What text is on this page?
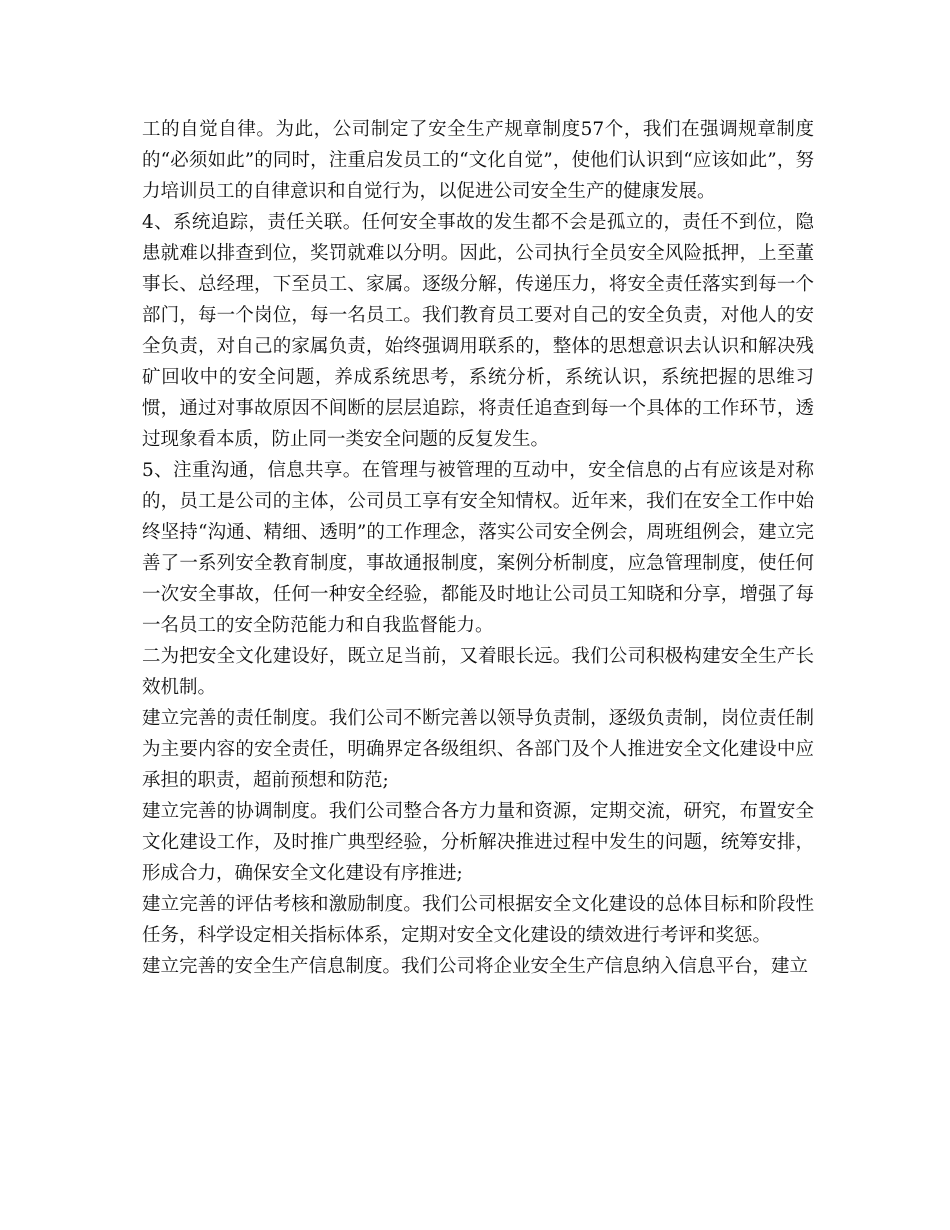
工的自觉自律。为此，公司制定了安全生产规章制度57个，我们在强调规章制度的“必须如此”的同时，注重启发员工的“文化自觉”，使他们认识到“应该如此”，努力培训员工的自律意识和自觉行为，以促进公司安全生产的健康发展。

4、系统追踪，责任关联。任何安全事故的发生都不会是孤立的，责任不到位，隐患就难以排查到位，奖罚就难以分明。因此，公司执行全员安全风险抵押，上至董事长、总经理，下至员工、家属。逐级分解，传递压力，将安全责任落实到每一个部门，每一个岗位，每一名员工。我们教育员工要对自己的安全负责，对他人的安全负责，对自己的家属负责，始终强调用联系的，整体的思想意识去认识和解决残矿回收中的安全问题，养成系统思考，系统分析，系统认识，系统把握的思维习惯，通过对事故原因不间断的层层追踪，将责任追查到每一个具体的工作环节，透过现象看本质，防止同一类安全问题的反复发生。

5、注重沟通，信息共享。在管理与被管理的互动中，安全信息的占有应该是对称的，员工是公司的主体，公司员工享有安全知情权。近年来，我们在安全工作中始终坚持“沟通、精细、透明”的工作理念，落实公司安全例会，周班组例会，建立完善了一系列安全教育制度，事故通报制度，案例分析制度，应急管理制度，使任何一次安全事故，任何一种安全经验，都能及时地让公司员工知晓和分享，增强了每一名员工的安全防范能力和自我监督能力。

二为把安全文化建设好，既立足当前，又着眼长远。我们公司积极构建安全生产长效机制。

建立完善的责任制度。我们公司不断完善以领导负责制，逐级负责制，岗位责任制为主要内容的安全责任，明确界定各级组织、各部门及个人推进安全文化建设中应承担的职责，超前预想和防范;

建立完善的协调制度。我们公司整合各方力量和资源，定期交流，研究，布置安全文化建设工作，及时推广典型经验，分析解决推进过程中发生的问题，统筹安排，形成合力，确保安全文化建设有序推进;

建立完善的评估考核和激励制度。我们公司根据安全文化建设的总体目标和阶段性任务，科学设定相关指标体系，定期对安全文化建设的绩效进行考评和奖惩。

建立完善的安全生产信息制度。我们公司将企业安全生产信息纳入信息平台，建立
